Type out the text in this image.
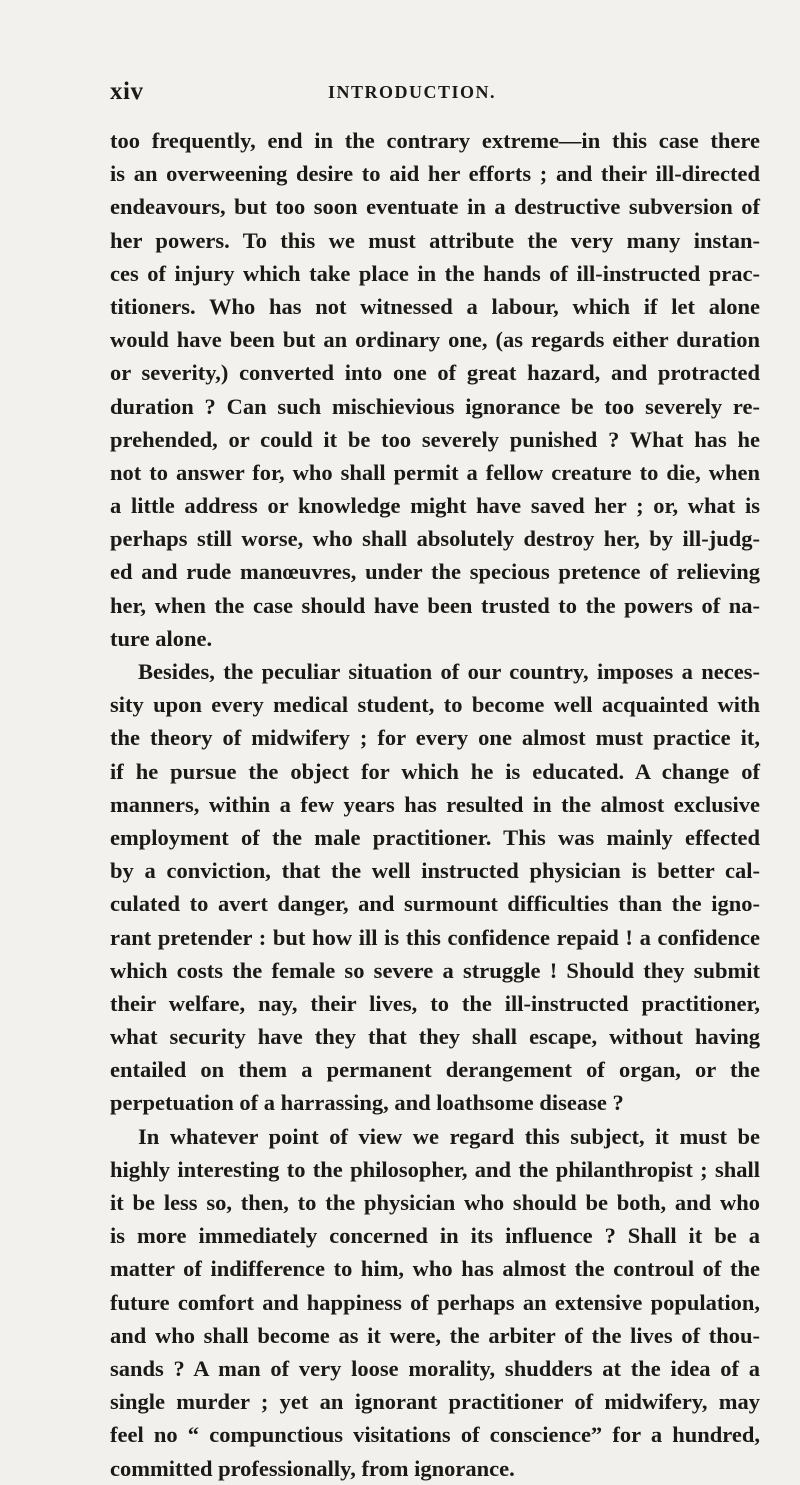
xiv	INTRODUCTION.
too frequently, end in the contrary extreme—in this case there
is an overweening desire to aid her efforts ; and their ill-directed
endeavours, but too soon eventuate in a destructive subversion of
her powers. To this we must attribute the very many instan-
ces of injury which take place in the hands of ill-instructed prac-
titioners. Who has not witnessed a labour, which if let alone
would have been but an ordinary one, (as regards either duration
or severity,) converted into one of great hazard, and protracted
duration ? Can such mischievious ignorance be too severely re-
prehended, or could it be too severely punished ? What has he
not to answer for, who shall permit a fellow creature to die, when
a little address or knowledge might have saved her ; or, what is
perhaps still worse, who shall absolutely destroy her, by ill-judg-
ed and rude manœuvres, under the specious pretence of relieving
her, when the case should have been trusted to the powers of na-
ture alone.
Besides, the peculiar situation of our country, imposes a neces-
sity upon every medical student, to become well acquainted with
the theory of midwifery ; for every one almost must practice it,
if he pursue the object for which he is educated. A change of
manners, within a few years has resulted in the almost exclusive
employment of the male practitioner. This was mainly effected
by a conviction, that the well instructed physician is better cal-
culated to avert danger, and surmount difficulties than the igno-
rant pretender : but how ill is this confidence repaid ! a confidence
which costs the female so severe a struggle ! Should they submit
their welfare, nay, their lives, to the ill-instructed practitioner,
what security have they that they shall escape, without having
entailed on them a permanent derangement of organ, or the
perpetuation of a harrassing, and loathsome disease ?
In whatever point of view we regard this subject, it must be
highly interesting to the philosopher, and the philanthropist ; shall
it be less so, then, to the physician who should be both, and who
is more immediately concerned in its influence ? Shall it be a
matter of indifference to him, who has almost the controul of the
future comfort and happiness of perhaps an extensive population,
and who shall become as it were, the arbiter of the lives of thou-
sands ? A man of very loose morality, shudders at the idea of a
single murder ; yet an ignorant practitioner of midwifery, may
feel no “ compunctious visitations of conscience” for a hundred,
committed professionally, from ignorance.
